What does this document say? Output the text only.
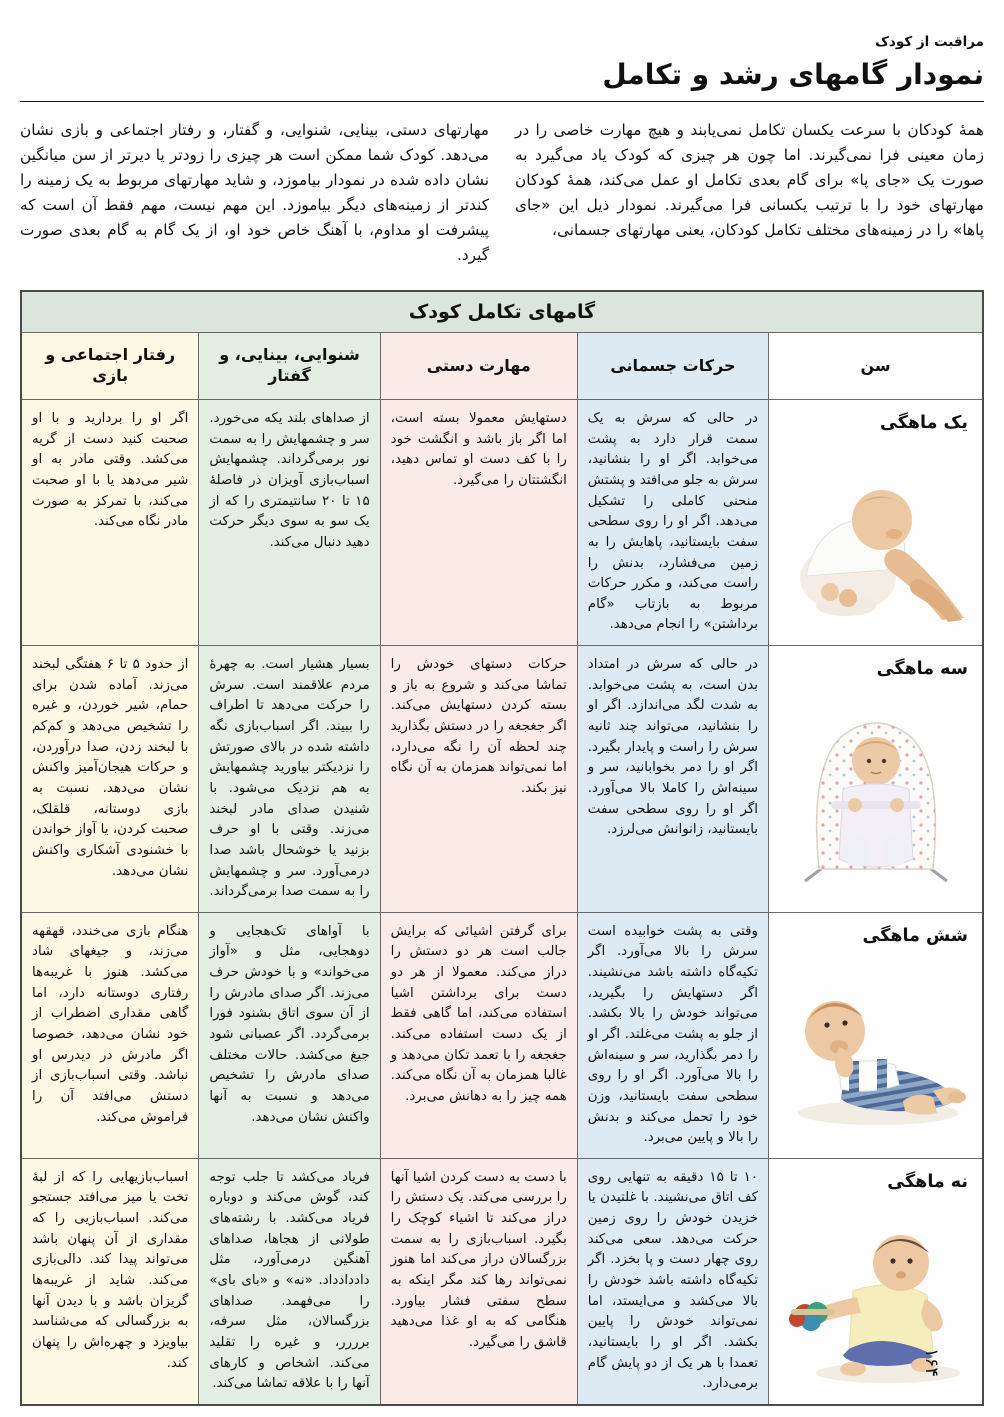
مراقبت از کودک
نمودار گامهای رشد و تکامل
همهٔ کودکان با سرعت یکسان تکامل نمی‌یابند و هیچ مهارت خاصی را در زمان معینی فرا نمی‌گیرند. اما چون هر چیزی که کودک یاد می‌گیرد به صورت یک «جای پا» برای گام بعدی تکامل او عمل می‌کند، همهٔ کودکان مهارتهای خود را با ترتیب یکسانی فرا می‌گیرند. نمودار ذیل این «جای پاها» را در زمینه‌های مختلف تکامل کودکان، یعنی مهارتهای جسمانی،
مهارتهای دستی، بینایی، شنوایی، و گفتار، و رفتار اجتماعی و بازی نشان می‌دهد. کودک شما ممکن است هر چیزی را زودتر یا دیرتر از سن میانگین نشان داده شده در نمودار بیاموزد، و شاید مهارتهای مربوط به یک زمینه را کندتر از زمینه‌های دیگر بیاموزد. این مهم نیست، مهم فقط آن است که پیشرفت او مداوم، با آهنگ خاص خود او، از یک گام به گام بعدی صورت گیرد.
گامهای تکامل کودک
سن
حرکات جسمانی
مهارت دستی
شنوایی، بینایی، و گفتار
رفتار اجتماعی و بازی
یک ماهگی
در حالی که سرش به یک سمت قرار دارد به پشت می‌خوابد. اگر او را بنشانید، سرش به جلو می‌افتد و پشتش منحنی کاملی را تشکیل می‌دهد. اگر او را روی سطحی سفت بایستانید، پاهایش را به زمین می‌فشارد، بدنش را راست می‌کند، و مکرر حرکات مربوط به بازتاب «گام برداشتن» را انجام می‌دهد.
دستهایش معمولا بسته است، اما اگر باز باشد و انگشت خود را با کف دست او تماس دهید، انگشتتان را می‌گیرد.
از صداهای بلند یکه می‌خورد. سر و چشمهایش را به سمت نور برمی‌گرداند. چشمهایش اسباب‌بازی آویزان در فاصلهٔ ۱۵ تا ۲۰ سانتیمتری را که از یک سو به سوی دیگر حرکت دهید دنبال می‌کند.
اگر او را بردارید و با او صحبت کنید دست از گریه می‌کشد. وقتی مادر به او شیر می‌دهد یا با او صحبت می‌کند، با تمرکز به صورت مادر نگاه می‌کند.
سه ماهگی
در حالی که سرش در امتداد بدن است، به پشت می‌خوابد. به شدت لگد می‌اندازد. اگر او را بنشانید، می‌تواند چند ثانیه سرش را راست و پایدار بگیرد. اگر او را دمر بخوابانید، سر و سینه‌اش را کاملا بالا می‌آورد. اگر او را روی سطحی سفت بایستانید، زانوانش می‌لرزد.
حرکات دستهای خودش را تماشا می‌کند و شروع به باز و بسته کردن دستهایش می‌کند. اگر جغجغه را در دستش بگذارید چند لحظه آن را نگه می‌دارد، اما نمی‌تواند همزمان به آن نگاه نیز بکند.
بسیار هشیار است. به چهرهٔ مردم علاقمند است. سرش را حرکت می‌دهد تا اطراف را ببیند. اگر اسباب‌بازی نگه داشته شده در بالای صورتش را نزدیکتر بیاورید چشمهایش به هم نزدیک می‌شود. با شنیدن صدای مادر لبخند می‌زند. وقتی با او حرف بزنید یا خوشحال باشد صدا درمی‌آورد. سر و چشمهایش را به سمت صدا برمی‌گرداند.
از حدود ۵ تا ۶ هفتگی لبخند می‌زند. آماده شدن برای حمام، شیر خوردن، و غیره را تشخیص می‌دهد و کم‌کم با لبخند زدن، صدا درآوردن، و حرکات هیجان‌آمیز واکنش نشان می‌دهد. نسبت به بازی دوستانه، قلقلک، صحبت کردن، یا آواز خواندن با خشنودی آشکاری واکنش نشان می‌دهد.
شش ماهگی
وقتی به پشت خوابیده است سرش را بالا می‌آورد. اگر تکیه‌گاه داشته باشد می‌نشیند. اگر دستهایش را بگیرید، می‌تواند خودش را بالا بکشد. از جلو به پشت می‌غلتد. اگر او را دمر بگذارید، سر و سینه‌اش را بالا می‌آورد. اگر او را روی سطحی سفت بایستانید، وزن خود را تحمل می‌کند و بدنش را بالا و پایین می‌برد.
برای گرفتن اشیائی که برایش جالب است هر دو دستش را دراز می‌کند. معمولا از هر دو دست برای برداشتن اشیا استفاده می‌کند، اما گاهی فقط از یک دست استفاده می‌کند. جغجغه را با تعمد تکان می‌دهد و غالبا همزمان به آن نگاه می‌کند. همه چیز را به دهانش می‌برد.
با آواهای تک‌هجایی و دوهجایی، مثل و «آواز می‌خواند» و با خودش حرف می‌زند. اگر صدای مادرش را از آن سوی اتاق بشنود فورا برمی‌گردد. اگر عصبانی شود جیغ می‌کشد. حالات مختلف صدای مادرش را تشخیص می‌دهد و نسبت به آنها واکنش نشان می‌دهد.
هنگام بازی می‌خندد، قهقهه می‌زند، و جیغهای شاد می‌کشد. هنوز با غریبه‌ها رفتاری دوستانه دارد، اما گاهی مقداری اضطراب از خود نشان می‌دهد، خصوصا اگر مادرش در دیدرس او نباشد. وقتی اسباب‌بازی از دستش می‌افتد آن را فراموش می‌کند.
نه ماهگی
۱۰ تا ۱۵ دقیقه به تنهایی روی کف اتاق می‌نشیند. با غلتیدن یا خزیدن خودش را روی زمین حرکت می‌دهد. سعی می‌کند روی چهار دست و پا بخزد. اگر تکیه‌گاه داشته باشد خودش را بالا می‌کشد و می‌ایستد، اما نمی‌تواند خودش را پایین بکشد. اگر او را بایستانید، تعمدا با هر یک از دو پایش گام برمی‌دارد.
با دست به دست کردن اشیا آنها را بررسی می‌کند. یک دستش را دراز می‌کند تا اشیاء کوچک را بگیرد. اسباب‌بازی را به سمت بزرگسالان دراز می‌کند اما هنوز نمی‌تواند رها کند مگر اینکه به سطح سفتی فشار بیاورد. هنگامی که به او غذا می‌دهید قاشق را می‌گیرد.
فریاد می‌کشد تا جلب توجه کند، گوش می‌کند و دوباره فریاد می‌کشد. با رشته‌های طولانی از هجاها، صداهای آهنگین درمی‌آورد، مثل داددادداد. «نه» و «بای بای» را می‌فهمد. صداهای بزرگسالان، مثل سرفه، برررر، و غیره را تقلید می‌کند. اشخاص و کارهای آنها را با علاقه تماشا می‌کند.
اسباب‌بازیهایی را که از لبهٔ تخت یا میز می‌افتد جستجو می‌کند. اسباب‌بازیی را که مقداری از آن پنهان باشد می‌تواند پیدا کند. دالی‌بازی می‌کند. شاید از غریبه‌ها گریزان باشد و با دیدن آنها به بزرگسالی که می‌شناسد بیاویزد و چهره‌اش را پنهان کند.	۱۶۴
